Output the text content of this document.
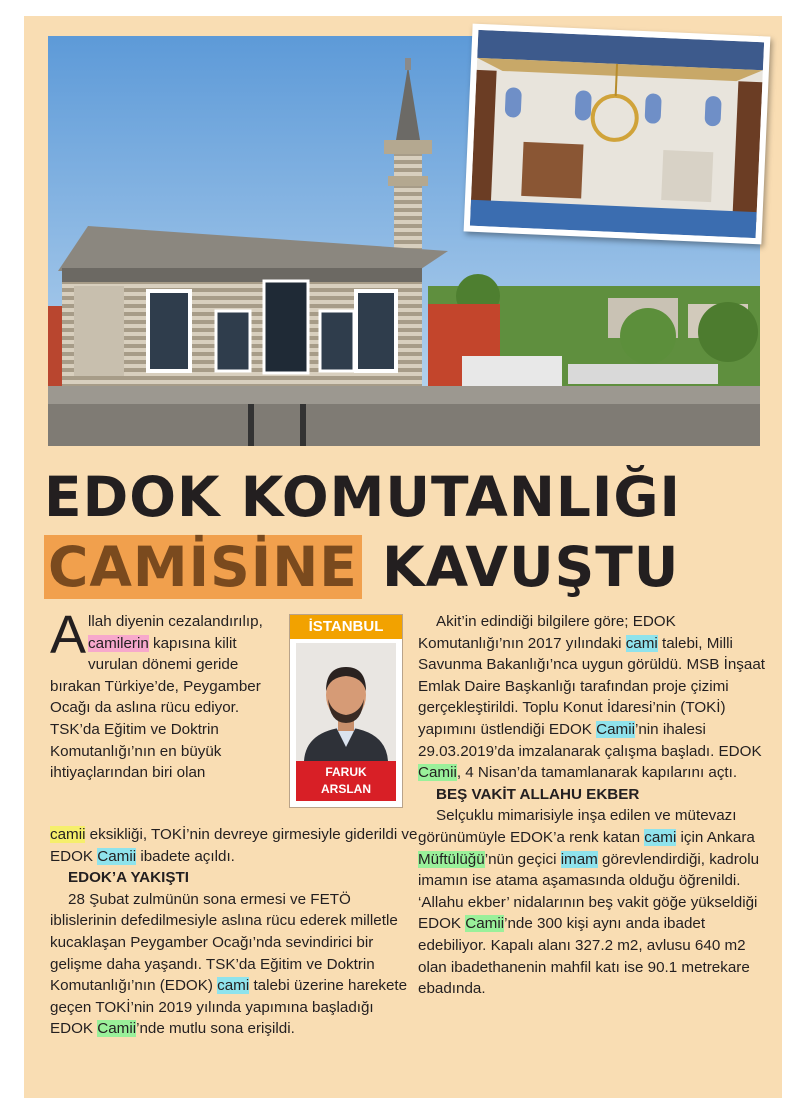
EDOK KOMUTANLIĞI
CAMİSİNE KAVUŞTU

Allah diyenin cezalandırılıp, camilerin kapısına kilit vurulan dönemi geride bırakan Türkiye’de, Peygamber Ocağı da aslına rücu ediyor. TSK’da Eğitim ve Doktrin Komutanlığı’nın en büyük ihtiyaçlarından biri olan

camii eksikliği, TOKİ’nin devreye girmesiyle giderildi ve EDOK Camii ibadete açıldı.

EDOK’A YAKIŞTI

28 Şubat zulmünün sona ermesi ve FETÖ iblislerinin defedilmesiyle aslına rücu ederek milletle kucaklaşan Peygamber Ocağı’nda sevindirici bir gelişme daha yaşandı. TSK’da Eğitim ve Doktrin Komutanlığı’nın (EDOK) cami talebi üzerine harekete geçen TOKİ’nin 2019 yılında yapımına başladığı EDOK Camii’nde mutlu sona erişildi.

İSTANBUL
FARUK
ARSLAN

Akit’in edindiği bilgilere göre; EDOK Komutanlığı’nın 2017 yılındaki cami talebi, Milli Savunma Bakanlığı’nca uygun görüldü. MSB İnşaat Emlak Daire Başkanlığı tarafından proje çizimi gerçekleştirildi. Toplu Konut İdaresi’nin (TOKİ) yapımını üstlendiği EDOK Camii’nin ihalesi 29.03.2019’da imzalanarak çalışma başladı. EDOK Camii, 4 Nisan’da tamamlanarak kapılarını açtı.

BEŞ VAKİT ALLAHU EKBER

Selçuklu mimarisiyle inşa edilen ve mütevazı görünümüyle EDOK’a renk katan cami için Ankara Müftülüğü’nün geçici imam görevlendirdiği, kadrolu imamın ise atama aşamasında olduğu öğrenildi. ‘Allahu ekber’ nidalarının beş vakit göğe yükseldiği EDOK Camii’nde 300 kişi aynı anda ibadet edebiliyor. Kapalı alanı 327.2 m2, avlusu 640 m2 olan ibadethanenin mahfil katı ise 90.1 metrekare ebadında.
